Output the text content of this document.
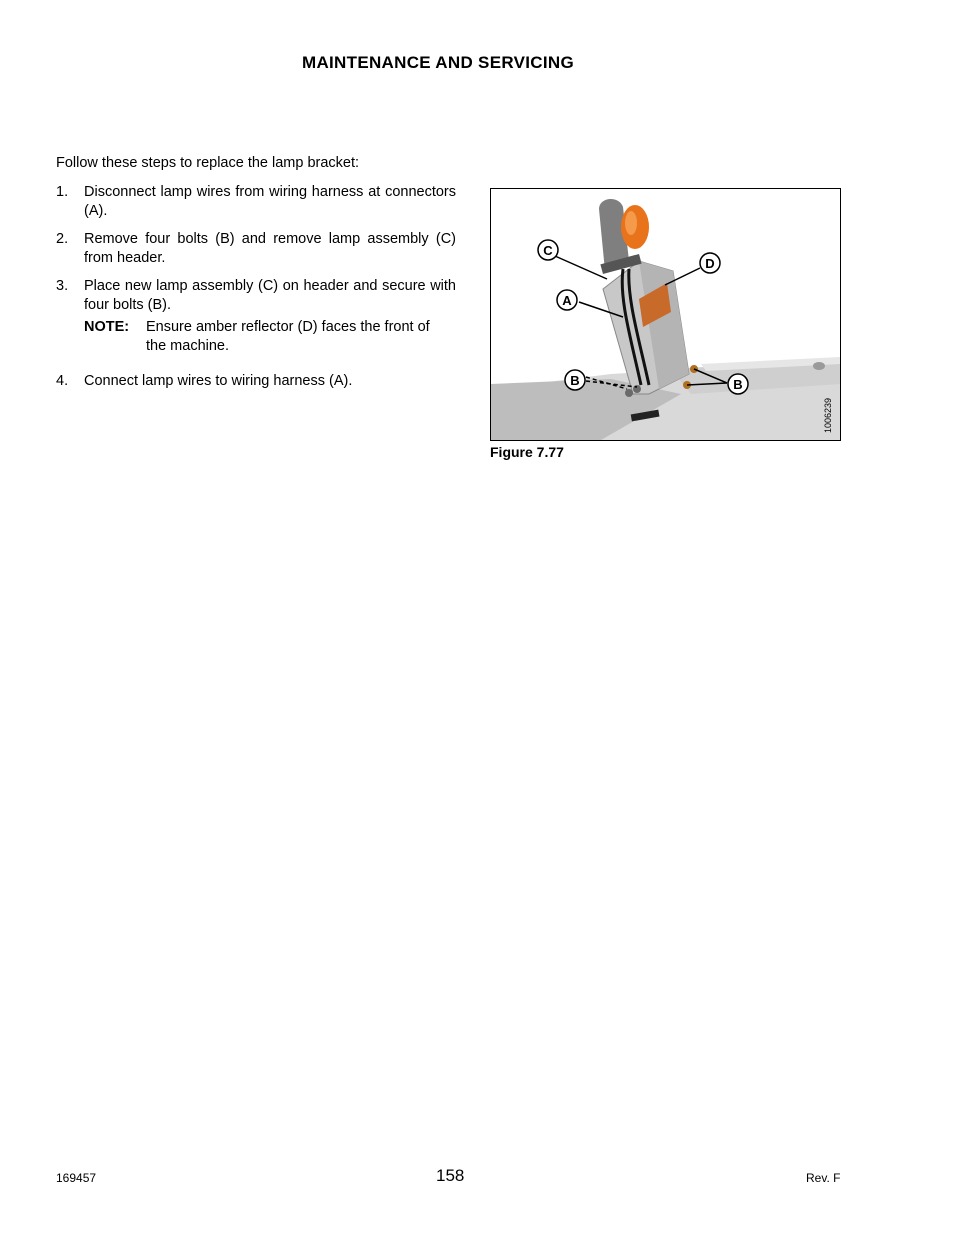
MAINTENANCE AND SERVICING
Follow these steps to replace the lamp bracket:
1.	Disconnect lamp wires from wiring harness at connectors (A).
2.	Remove four bolts (B) and remove lamp assembly (C) from header.
3.	Place new lamp assembly (C) on header and secure with four bolts (B).
NOTE:	Ensure amber reflector (D) faces the front of the machine.
4.	Connect lamp wires to wiring harness (A).
C
D
A
B	B
1006239
Figure 7.77
169457	158	Rev. F
